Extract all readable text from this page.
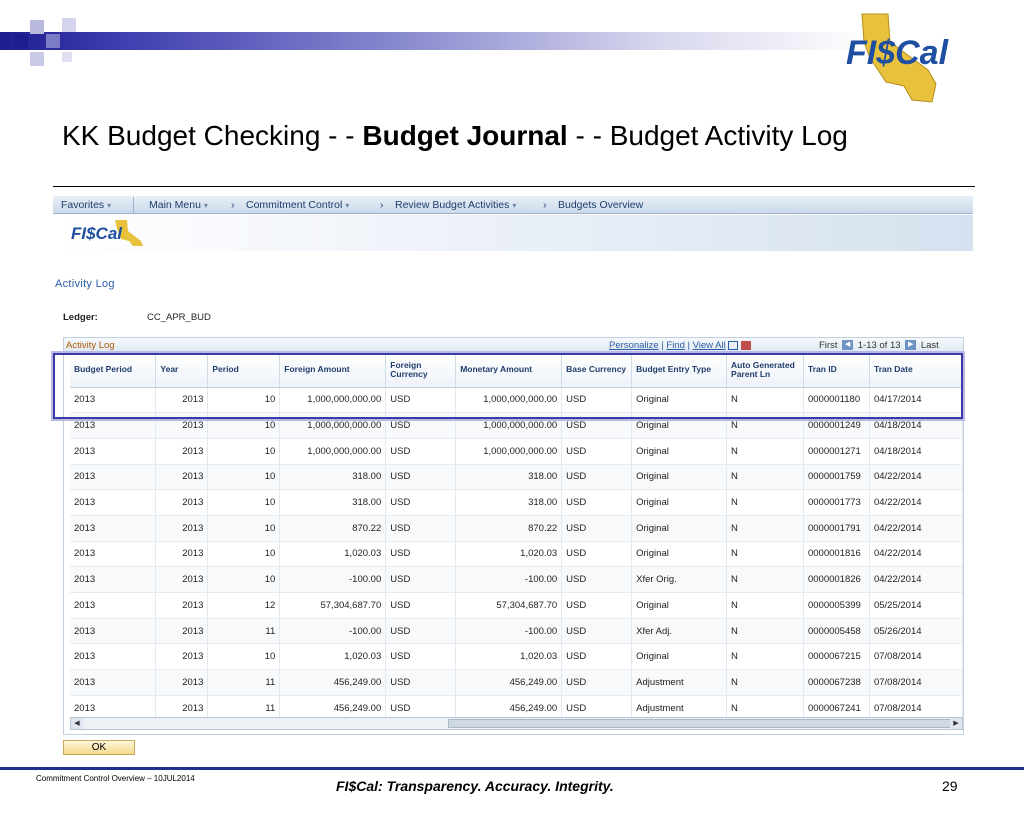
FI$Cal
KK Budget Checking - - Budget Journal - - Budget Activity Log
Favorites ▾	Main Menu ▾ › Commitment Control ▾	› Review Budget Activities ▾	› Budgets Overview
FI$Cal
Activity Log
Ledger:	CC_APR_BUD
Activity Log	Personalize | Find | View All	First ◀ 1-13 of 13 ▶ Last
Budget Period	Year	Period	Foreign Amount	Foreign Currency	Monetary Amount	Base Currency	Budget Entry Type	Auto Generated Parent Ln	Tran ID	Tran Date
2013	2013	10	1,000,000,000.00	USD	1,000,000,000.00	USD	Original	N	0000001180	04/17/2014
2013	2013	10	1,000,000,000.00	USD	1,000,000,000.00	USD	Original	N	0000001249	04/18/2014
2013	2013	10	1,000,000,000.00	USD	1,000,000,000.00	USD	Original	N	0000001271	04/18/2014
2013	2013	10	318.00	USD	318.00	USD	Original	N	0000001759	04/22/2014
2013	2013	10	318.00	USD	318.00	USD	Original	N	0000001773	04/22/2014
2013	2013	10	870.22	USD	870.22	USD	Original	N	0000001791	04/22/2014
2013	2013	10	1,020.03	USD	1,020.03	USD	Original	N	0000001816	04/22/2014
2013	2013	10	-100.00	USD	-100.00	USD	Xfer Orig.	N	0000001826	04/22/2014
2013	2013	12	57,304,687.70	USD	57,304,687.70	USD	Original	N	0000005399	05/25/2014
2013	2013	11	-100.00	USD	-100.00	USD	Xfer Adj.	N	0000005458	05/26/2014
2013	2013	10	1,020.03	USD	1,020.03	USD	Original	N	0000067215	07/08/2014
2013	2013	11	456,249.00	USD	456,249.00	USD	Adjustment	N	0000067238	07/08/2014
2013	2013	11	456,249.00	USD	456,249.00	USD	Adjustment	N	0000067241	07/08/2014
◀	▶
OK
Commitment Control Overview – 10JUL2014	FI$Cal: Transparency. Accuracy. Integrity.	29
